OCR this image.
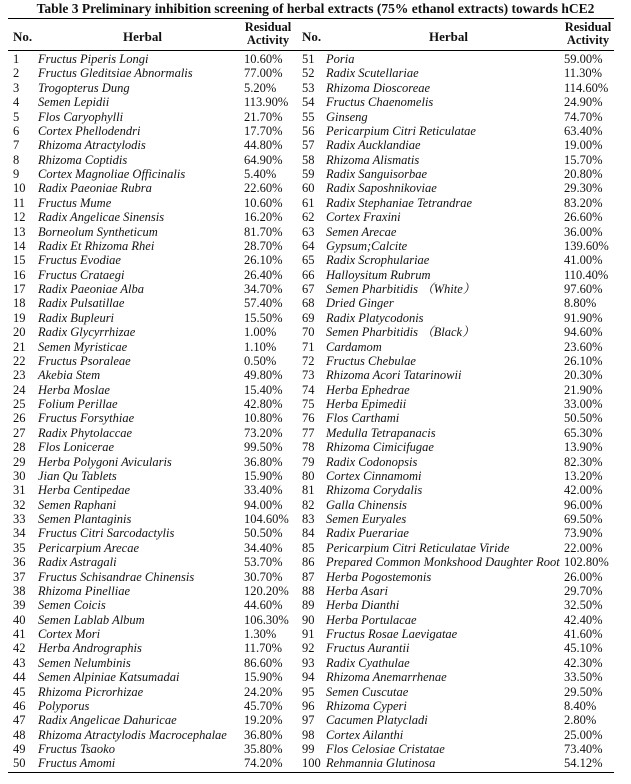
Table 3 Preliminary inhibition screening of herbal extracts (75% ethanol extracts) towards hCE2
No.	Herbal
Residual
Activity No.	Herbal
Residual
Activity
1 Fructus Piperis Longi	10.60% 51 Poria	59.00%
2 Fructus Gleditsiae Abnormalis	77.00% 52 Radix Scutellariae	11.30%
3 Trogopterus Dung	5.20% 53 Rhizoma Dioscoreae	114.60%
4 Semen Lepidii	113.90% 54 Fructus Chaenomelis	24.90%
5 Flos Caryophylli	21.70% 55 Ginseng	74.70%
6 Cortex Phellodendri	17.70% 56 Pericarpium Citri Reticulatae	63.40%
7 Rhizoma Atractylodis	44.80% 57 Radix Aucklandiae	19.00%
8 Rhizoma Coptidis	64.90% 58 Rhizoma Alismatis	15.70%
9 Cortex Magnoliae Officinalis	5.40% 59 Radix Sanguisorbae	20.80%
10 Radix Paeoniae Rubra	22.60% 60 Radix Saposhnikoviae	29.30%
11 Fructus Mume	10.60% 61 Radix Stephaniae Tetrandrae	83.20%
12 Radix Angelicae Sinensis	16.20% 62 Cortex Fraxini	26.60%
13 Borneolum Syntheticum	81.70% 63 Semen Arecae	36.00%
14 Radix Et Rhizoma Rhei	28.70% 64 Gypsum;Calcite	139.60%
15 Fructus Evodiae	26.10% 65 Radix Scrophulariae	41.00%
16 Fructus Crataegi	26.40% 66 Halloysitum Rubrum	110.40%
17 Radix Paeoniae Alba	34.70% 67 Semen Pharbitidis （White）	97.60%
18 Radix Pulsatillae	57.40% 68 Dried Ginger	8.80%
19 Radix Bupleuri	15.50% 69 Radix Platycodonis	91.90%
20 Radix Glycyrrhizae	1.00% 70 Semen Pharbitidis （Black）	94.60%
21 Semen Myristicae	1.10% 71 Cardamom	23.60%
22 Fructus Psoraleae	0.50% 72 Fructus Chebulae	26.10%
23 Akebia Stem	49.80% 73 Rhizoma Acori Tatarinowii	20.30%
24 Herba Moslae	15.40% 74 Herba Ephedrae	21.90%
25 Folium Perillae	42.80% 75 Herba Epimedii	33.00%
26 Fructus Forsythiae	10.80% 76 Flos Carthami	50.50%
27 Radix Phytolaccae	73.20% 77 Medulla Tetrapanacis	65.30%
28 Flos Lonicerae	99.50% 78 Rhizoma Cimicifugae	13.90%
29 Herba Polygoni Avicularis	36.80% 79 Radix Codonopsis	82.30%
30 Jian Qu Tablets	15.90% 80 Cortex Cinnamomi	13.20%
31 Herba Centipedae	33.40% 81 Rhizoma Corydalis	42.00%
32 Semen Raphani	94.00% 82 Galla Chinensis	96.00%
33 Semen Plantaginis	104.60% 83 Semen Euryales	69.50%
34 Fructus Citri Sarcodactylis	50.50% 84 Radix Puerariae	73.90%
35 Pericarpium Arecae	34.40% 85 Pericarpium Citri Reticulatae Viride	22.00%
36 Radix Astragali	53.70% 86 Prepared Common Monkshood Daughter Root 102.80%
37 Fructus Schisandrae Chinensis	30.70% 87 Herba Pogostemonis	26.00%
38 Rhizoma Pinelliae	120.20% 88 Herba Asari	29.70%
39 Semen Coicis	44.60% 89 Herba Dianthi	32.50%
40 Semen Lablab Album	106.30% 90 Herba Portulacae	42.40%
41 Cortex Mori	1.30% 91 Fructus Rosae Laevigatae	41.60%
42 Herba Andrographis	11.70% 92 Fructus Aurantii	45.10%
43 Semen Nelumbinis	86.60% 93 Radix Cyathulae	42.30%
44 Semen Alpiniae Katsumadai	15.90% 94 Rhizoma Anemarrhenae	33.50%
45 Rhizoma Picrorhizae	24.20% 95 Semen Cuscutae	29.50%
46 Polyporus	45.70% 96 Rhizoma Cyperi	8.40%
47 Radix Angelicae Dahuricae	19.20% 97 Cacumen Platycladi	2.80%
48 Rhizoma Atractylodis Macrocephalae 36.80% 98 Cortex Ailanthi	25.00%
49 Fructus Tsaoko	35.80% 99 Flos Celosiae Cristatae	73.40%
50 Fructus Amomi	74.20% 100 Rehmannia Glutinosa	54.12%
